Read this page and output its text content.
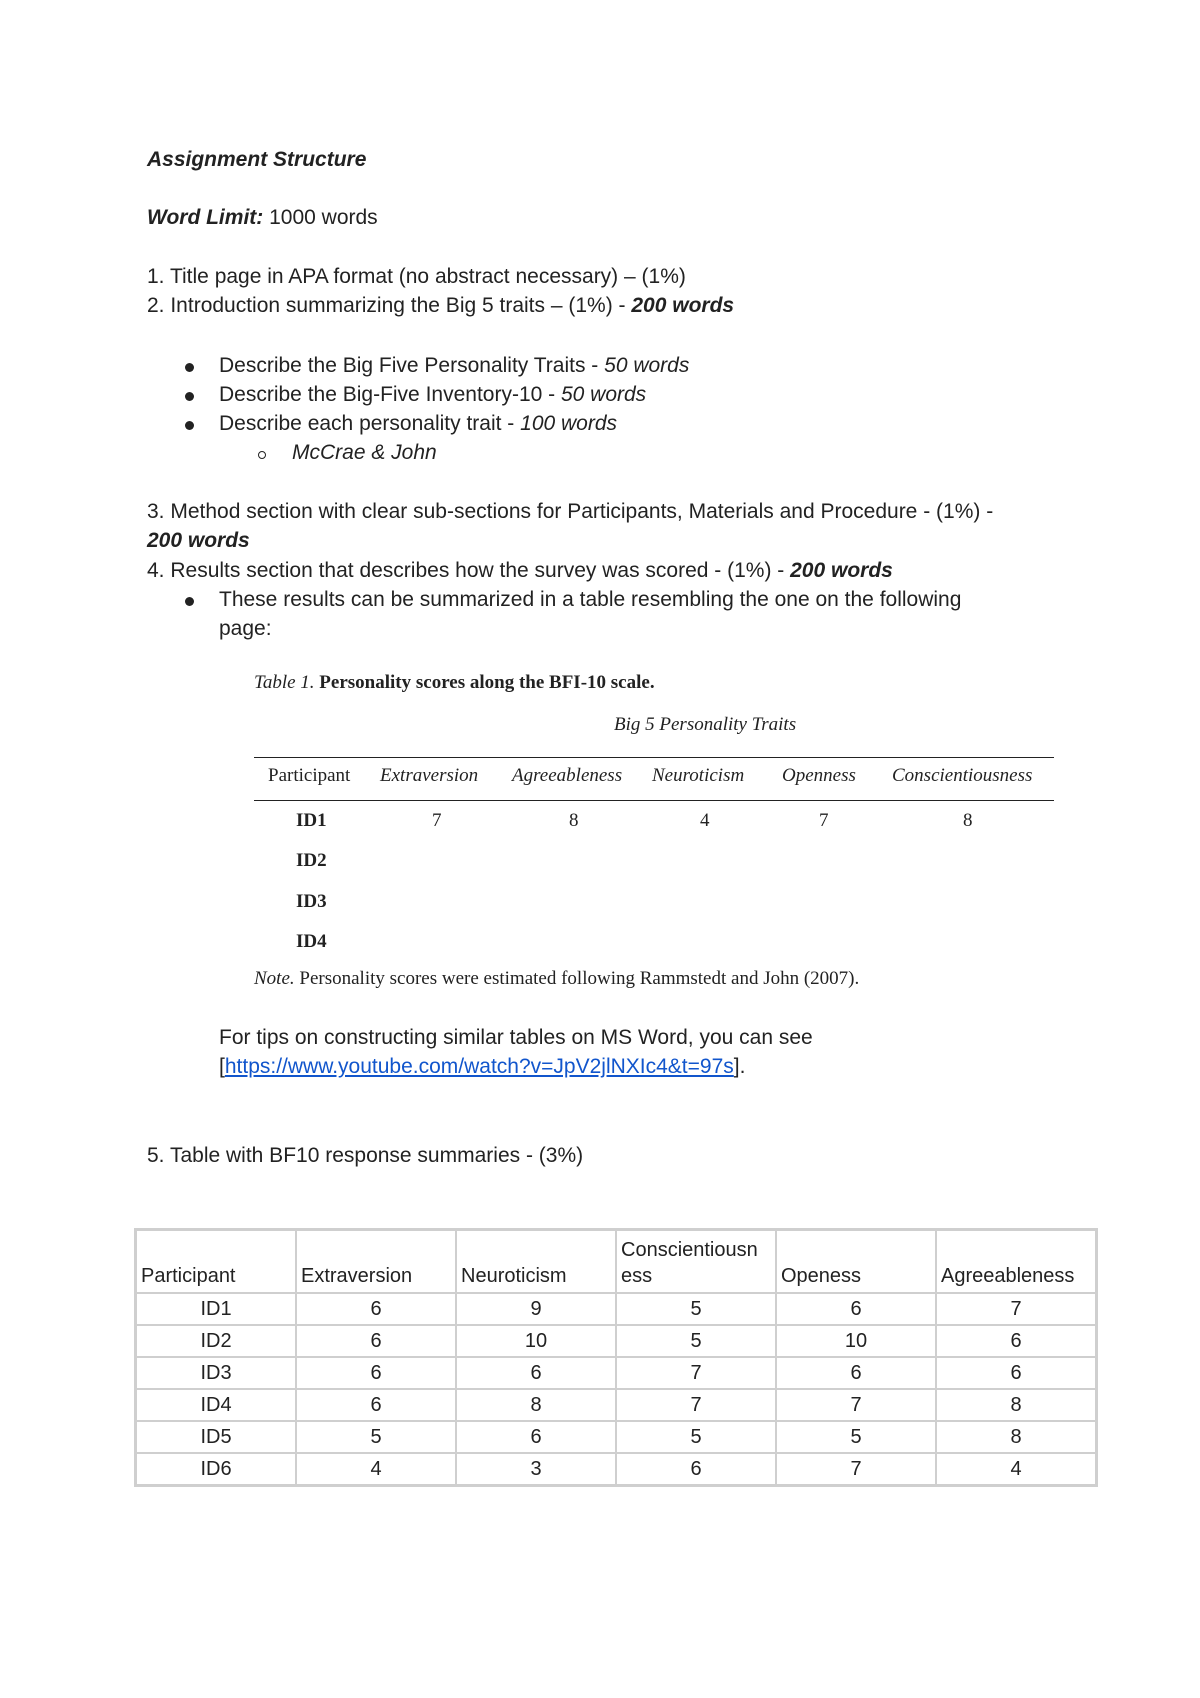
Assignment Structure
Word Limit: 1000 words
1. Title page in APA format (no abstract necessary) – (1%)
2. Introduction summarizing the Big 5 traits – (1%) - 200 words
Describe the Big Five Personality Traits - 50 words
Describe the Big-Five Inventory-10 - 50 words
Describe each personality trait - 100 words
McCrae & John
3. Method section with clear sub-sections for Participants, Materials and Procedure - (1%) -
200 words
4. Results section that describes how the survey was scored - (1%) - 200 words
These results can be summarized in a table resembling the one on the following
page:
Table 1. Personality scores along the BFI-10 scale.
Big 5 Personality Traits
Participant Extraversion Agreeableness Neuroticism Openness Conscientiousness
ID1	7	8	4	7	8
ID2
ID3
ID4
Note. Personality scores were estimated following Rammstedt and John (2007).
For tips on constructing similar tables on MS Word, you can see
[https://www.youtube.com/watch?v=JpV2jlNXIc4&t=97s].
5. Table with BF10 response summaries - (3%)
Participant	Extraversion	Neuroticism	Conscientiousn ess	Openess	Agreeableness
ID1	6	9	5	6	7
ID2	6	10	5	10	6
ID3	6	6	7	6	6
ID4	6	8	7	7	8
ID5	5	6	5	5	8
ID6	4	3	6	7	4
